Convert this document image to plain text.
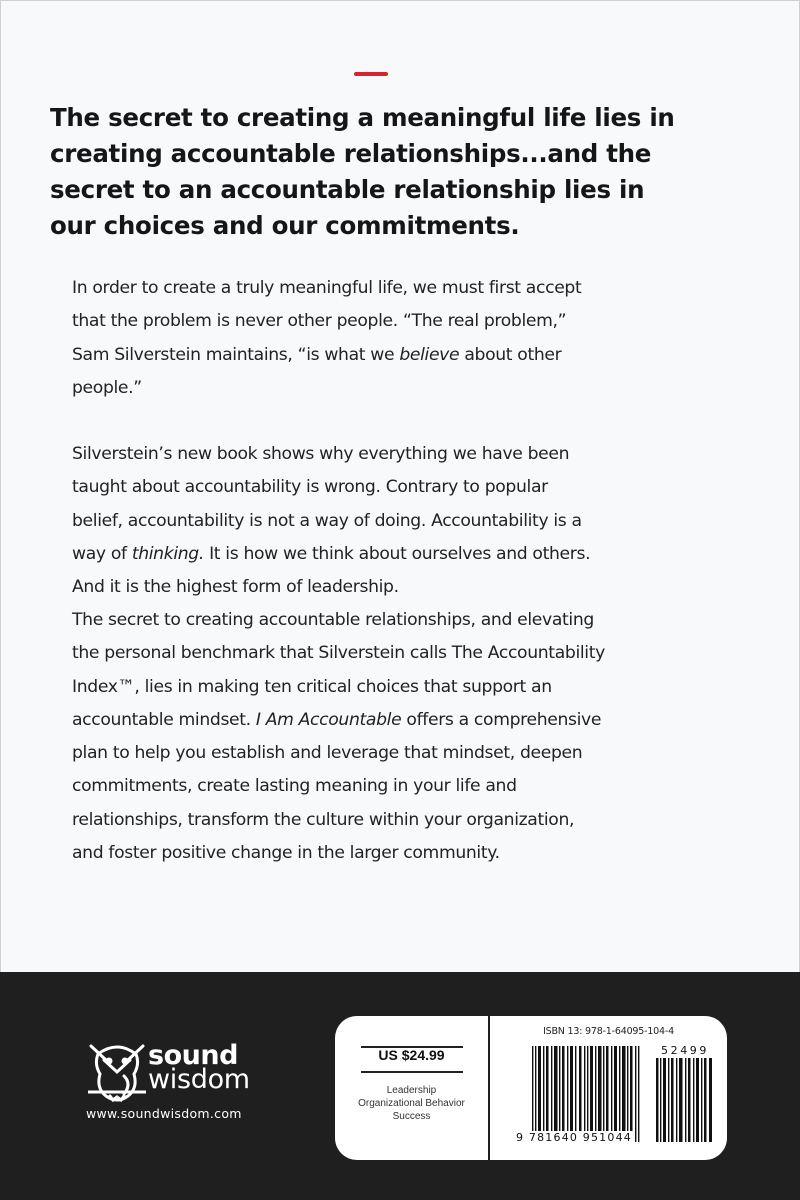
The secret to creating a meaningful life lies in
creating accountable relationships...and the
secret to an accountable relationship lies in
our choices and our commitments.
In order to create a truly meaningful life, we must first accept
that the problem is never other people. “The real problem,”
Sam Silverstein maintains, “is what we believe about other
people.”
Silverstein’s new book shows why everything we have been
taught about accountability is wrong. Contrary to popular
belief, accountability is not a way of doing. Accountability is a
way of thinking. It is how we think about ourselves and others.
And it is the highest form of leadership.
The secret to creating accountable relationships, and elevating
the personal benchmark that Silverstein calls The Accountability
Index™, lies in making ten critical choices that support an
accountable mindset. I Am Accountable offers a comprehensive
plan to help you establish and leverage that mindset, deepen
commitments, create lasting meaning in your life and
relationships, transform the culture within your organization,
and foster positive change in the larger community.
sound
wisdom
www.soundwisdom.com
US $24.99
Leadership
Organizational Behavior
Success
ISBN 13: 978-1-64095-104-4
9 781640 951044
52499
